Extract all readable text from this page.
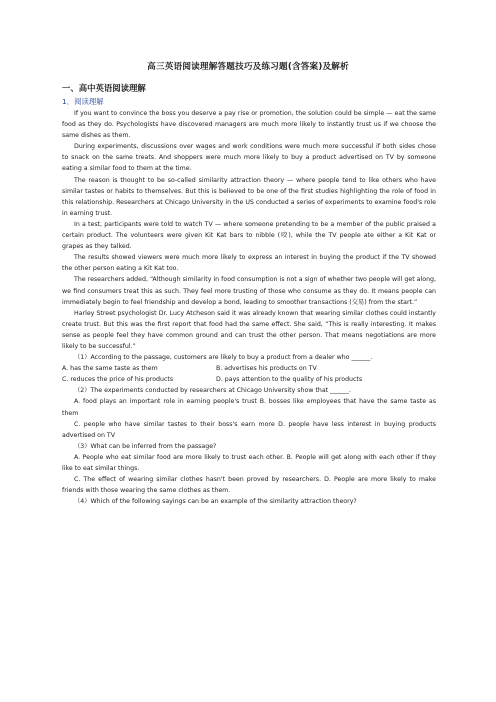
高三英语阅读理解答题技巧及练习题(含答案)及解析
一、高中英语阅读理解
1．阅读理解

If you want to convince the boss you deserve a pay rise or promotion, the solution could be simple — eat the same food as they do. Psychologists have discovered managers are much more likely to instantly trust us if we choose the same dishes as them.

During experiments, discussions over wages and work conditions were much more successful if both sides chose to snack on the same treats. And shoppers were much more likely to buy a product advertised on TV by someone eating a similar food to them at the time.

The reason is thought to be so-called similarity attraction theory — where people tend to like others who have similar tastes or habits to themselves. But this is believed to be one of the first studies highlighting the role of food in this relationship. Researchers at Chicago University in the US conducted a series of experiments to examine food's role in earning trust.

In a test, participants were told to watch TV — where someone pretending to be a member of the public praised a certain product. The volunteers were given Kit Kat bars to nibble (咬), while the TV people ate either a Kit Kat or grapes as they talked.

The results showed viewers were much more likely to express an interest in buying the product if the TV showed the other person eating a Kit Kat too.

The researchers added, “Although similarity in food consumption is not a sign of whether two people will get along, we find consumers treat this as such. They feel more trusting of those who consume as they do. It means people can immediately begin to feel friendship and develop a bond, leading to smoother transactions (交易) from the start.”

Harley Street psychologist Dr. Lucy Atcheson said it was already known that wearing similar clothes could instantly create trust. But this was the first report that food had the same effect. She said, “This is really interesting. It makes sense as people feel they have common ground and can trust the other person. That means negotiations are more likely to be successful.”

（1）According to the passage, customers are likely to buy a product from a dealer who ______.

A. has the same taste as them	B. advertises his products on TV
C. reduces the price of his products	D. pays attention to the quality of his products

（2）The experiments conducted by researchers at Chicago University show that ______.

A. food plays an important role in earning people's trust B. bosses like employees that have the same taste as them

C. people who have similar tastes to their boss's earn more D. people have less interest in buying products advertised on TV

（3）What can be inferred from the passage?

A. People who eat similar food are more likely to trust each other. B. People will get along with each other if they like to eat similar things.

C. The effect of wearing similar clothes hasn't been proved by researchers. D. People are more likely to make friends with those wearing the same clothes as them.

（4）Which of the following sayings can be an example of the similarity attraction theory?
